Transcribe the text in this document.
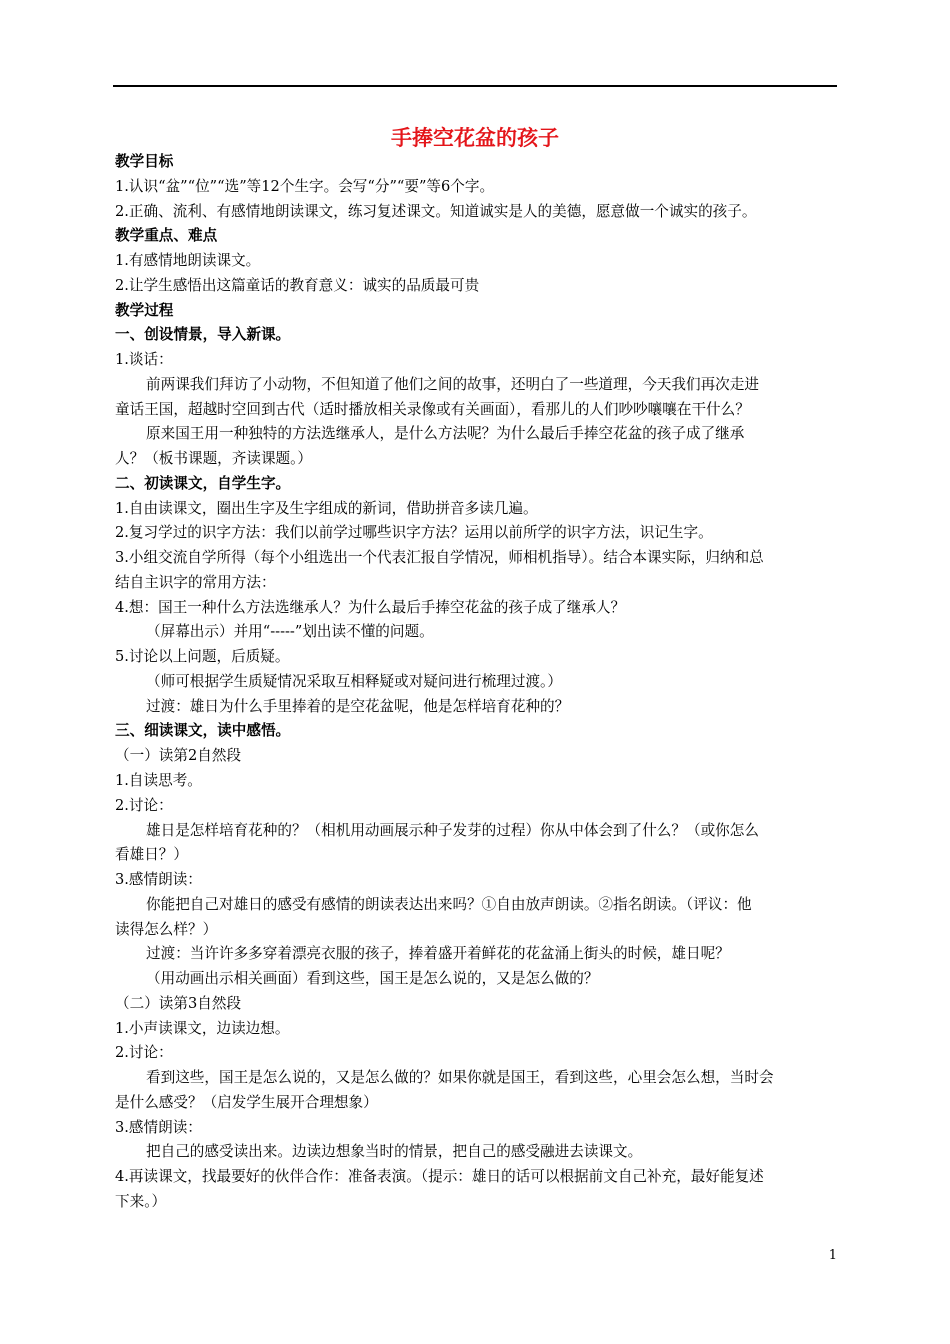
手捧空花盆的孩子
教学目标
1.认识“盆”“位”“选”等12个生字。会写“分”“要”等6个字。
2.正确、流利、有感情地朗读课文，练习复述课文。知道诚实是人的美德，愿意做一个诚实的孩子。
教学重点、难点
1.有感情地朗读课文。
2.让学生感悟出这篇童话的教育意义：诚实的品质最可贵
教学过程
一、创设情景，导入新课。
1.谈话：
前两课我们拜访了小动物，不但知道了他们之间的故事，还明白了一些道理，今天我们再次走进
童话王国，超越时空回到古代（适时播放相关录像或有关画面），看那儿的人们吵吵嚷嚷在干什么？
原来国王用一种独特的方法选继承人，是什么方法呢？为什么最后手捧空花盆的孩子成了继承
人？（板书课题，齐读课题。）
二、初读课文，自学生字。
1.自由读课文，圈出生字及生字组成的新词，借助拼音多读几遍。
2.复习学过的识字方法：我们以前学过哪些识字方法？运用以前所学的识字方法，识记生字。
3.小组交流自学所得（每个小组选出一个代表汇报自学情况，师相机指导）。结合本课实际，归纳和总
结自主识字的常用方法：
4.想：国王一种什么方法选继承人？为什么最后手捧空花盆的孩子成了继承人？
（屏幕出示）并用“-----”划出读不懂的问题。
5.讨论以上问题，后质疑。
（师可根据学生质疑情况采取互相释疑或对疑问进行梳理过渡。）
过渡：雄日为什么手里捧着的是空花盆呢，他是怎样培育花种的？
三、细读课文，读中感悟。
（一）读第2自然段
1.自读思考。
2.讨论：
雄日是怎样培育花种的？（相机用动画展示种子发芽的过程）你从中体会到了什么？（或你怎么
看雄日？）
3.感情朗读：
你能把自己对雄日的感受有感情的朗读表达出来吗？①自由放声朗读。②指名朗读。（评议：他
读得怎么样？）
过渡：当许许多多穿着漂亮衣服的孩子，捧着盛开着鲜花的花盆涌上街头的时候，雄日呢？
（用动画出示相关画面）看到这些，国王是怎么说的，又是怎么做的？
（二）读第3自然段
1.小声读课文，边读边想。
2.讨论：
看到这些，国王是怎么说的，又是怎么做的？如果你就是国王，看到这些，心里会怎么想，当时会
是什么感受？（启发学生展开合理想象）
3.感情朗读：
把自己的感受读出来。边读边想象当时的情景，把自己的感受融进去读课文。
4.再读课文，找最要好的伙伴合作：准备表演。（提示：雄日的话可以根据前文自己补充，最好能复述
下来。）
1
